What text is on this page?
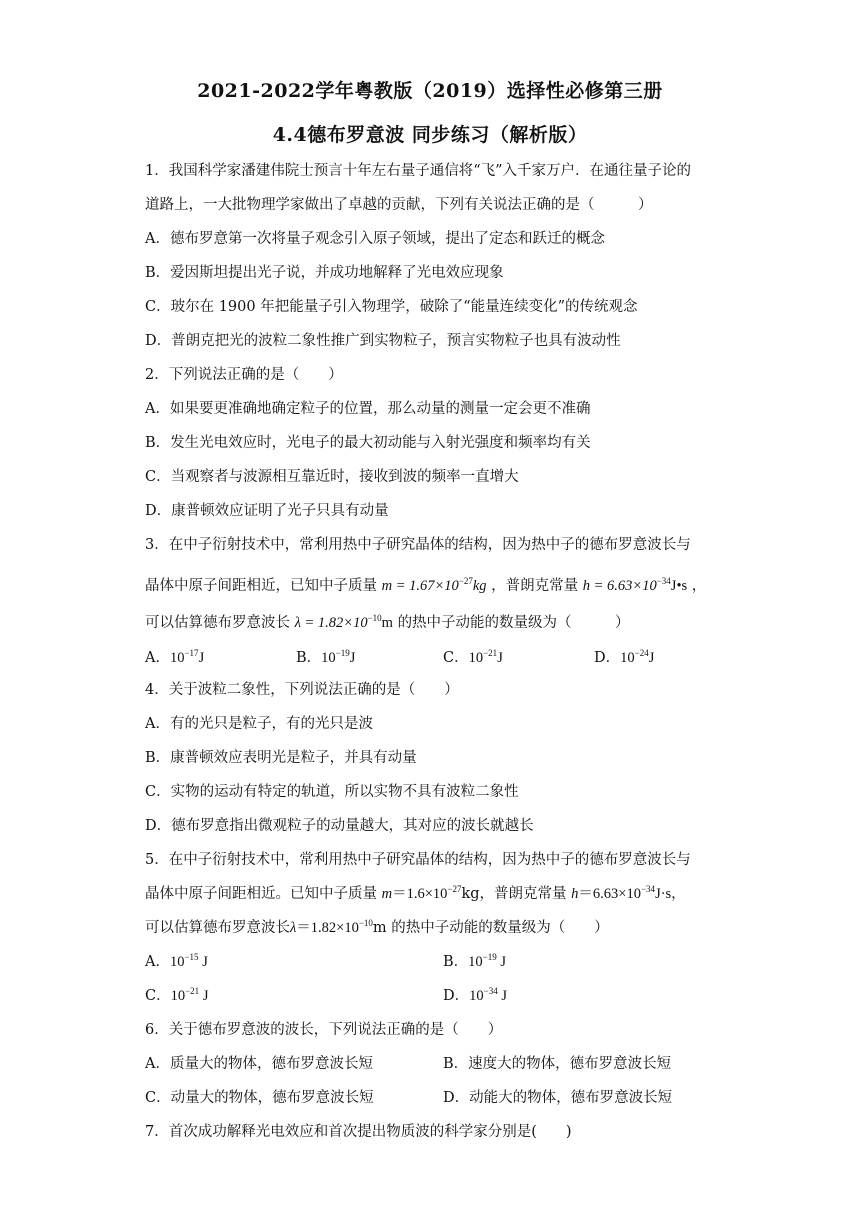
2021-2022学年粤教版（2019）选择性必修第三册
4.4德布罗意波 同步练习（解析版）
1．我国科学家潘建伟院士预言十年左右量子通信将“飞”入千家万户．在通往量子论的
道路上，一大批物理学家做出了卓越的贡献，下列有关说法正确的是（　　　）
A．德布罗意第一次将量子观念引入原子领域，提出了定态和跃迁的概念
B．爱因斯坦提出光子说，并成功地解释了光电效应现象
C．玻尔在 1900 年把能量子引入物理学，破除了“能量连续变化”的传统观念
D．普朗克把光的波粒二象性推广到实物粒子，预言实物粒子也具有波动性
2．下列说法正确的是（　　）
A．如果要更准确地确定粒子的位置，那么动量的测量一定会更不准确
B．发生光电效应时，光电子的最大初动能与入射光强度和频率均有关
C．当观察者与波源相互靠近时，接收到波的频率一直增大
D．康普顿效应证明了光子只具有动量
3．在中子衍射技术中，常利用热中子研究晶体的结构，因为热中子的德布罗意波长与
晶体中原子间距相近，已知中子质量 $m = 1.67\times 10^{-27}kg$ ，普朗克常量 $h = 6.63\times 10^{-34}J•s$ ，
可以估算德布罗意波长 $\lambda = 1.82\times 10^{-10}m$ 的热中子动能的数量级为（　　　）
A．$10^{-17}J$	B．$10^{-19}J$	C．$10^{-21}J$	D．$10^{-24}J$
4．关于波粒二象性，下列说法正确的是（　　）
A．有的光只是粒子，有的光只是波
B．康普顿效应表明光是粒子，并具有动量
C．实物的运动有特定的轨道，所以实物不具有波粒二象性
D．德布罗意指出微观粒子的动量越大，其对应的波长就越长
5．在中子衍射技术中，常利用热中子研究晶体的结构，因为热中子的德布罗意波长与
晶体中原子间距相近。已知中子质量 $m=1.6\times 10^{-27}kg$，普朗克常量 $h=6.63\times 10^{-34}J\cdot s$，
可以估算德布罗意波长$\lambda=1.82\times 10^{-10}m$ 的热中子动能的数量级为（　　）
A．$10^{-15}$ J	B．$10^{-19}$ J
C．$10^{-21}$ J	D．$10^{-34}$ J
6．关于德布罗意波的波长，下列说法正确的是（　　）
A．质量大的物体，德布罗意波长短	B．速度大的物体，德布罗意波长短
C．动量大的物体，德布罗意波长短	D．动能大的物体，德布罗意波长短
7．首次成功解释光电效应和首次提出物质波的科学家分别是(　　)
